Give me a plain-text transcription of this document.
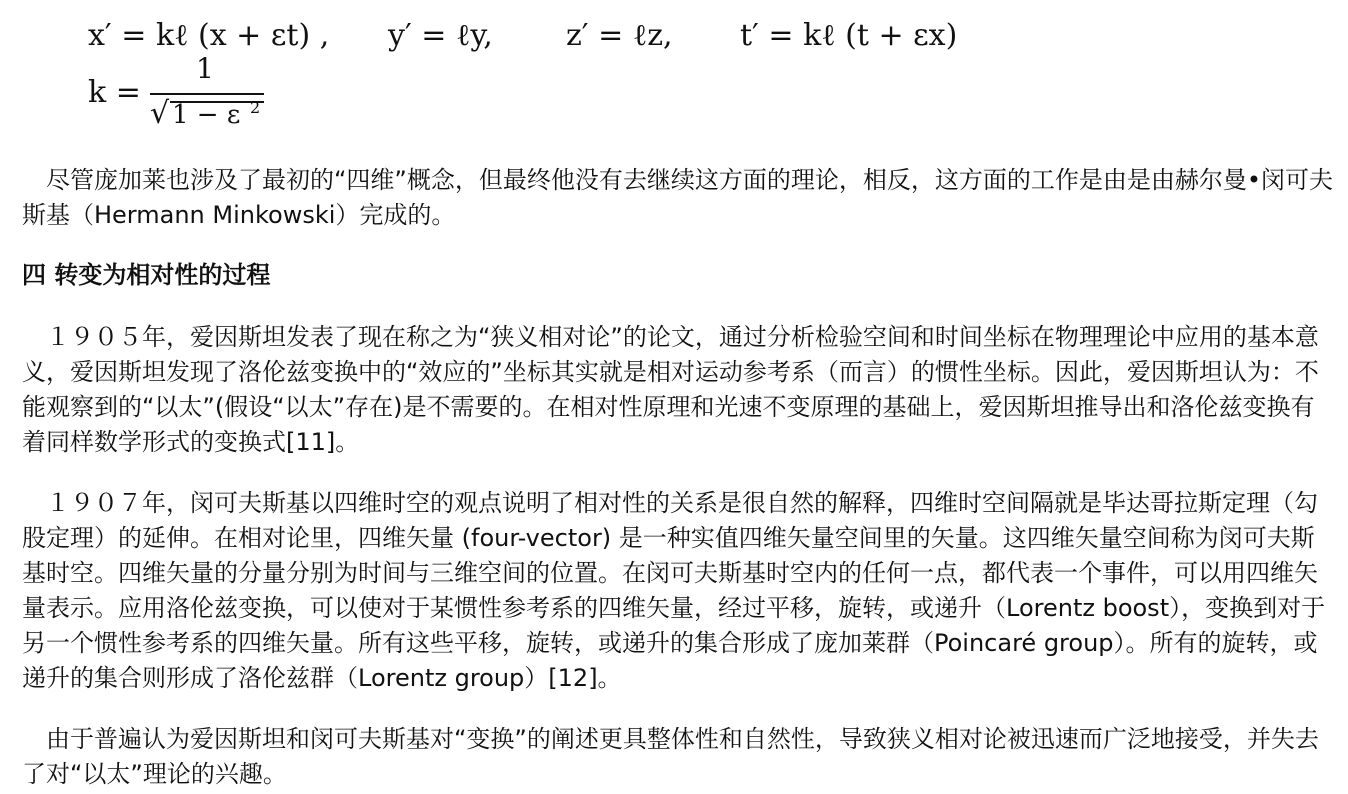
x′ = kℓ (x + εt) , y′ = ℓy, z′ = ℓz, t′ = kℓ (t + εx)
k =
1
√ 1 − ε 2
　尽管庞加莱也涉及了最初的“四维”概念，但最终他没有去继续这方面的理论，相反，这方面的工作是由是由赫尔曼•闵可夫斯基（Hermann Minkowski）完成的。
四 转变为相对性的过程
　１９０５年，爱因斯坦发表了现在称之为“狭义相对论”的论文，通过分析检验空间和时间坐标在物理理论中应用的基本意义，爱因斯坦发现了洛伦兹变换中的“效应的”坐标其实就是相对运动参考系（而言）的惯性坐标。因此，爱因斯坦认为：不能观察到的“以太”(假设“以太”存在)是不需要的。在相对性原理和光速不变原理的基础上，爱因斯坦推导出和洛伦兹变换有着同样数学形式的变换式[11]。
　１９０７年，闵可夫斯基以四维时空的观点说明了相对性的关系是很自然的解释，四维时空间隔就是毕达哥拉斯定理（勾股定理）的延伸。在相对论里，四维矢量 (four-vector) 是一种实值四维矢量空间里的矢量。这四维矢量空间称为闵可夫斯基时空。四维矢量的分量分别为时间与三维空间的位置。在闵可夫斯基时空内的任何一点，都代表一个事件，可以用四维矢量表示。应用洛伦兹变换，可以使对于某惯性参考系的四维矢量，经过平移，旋转，或递升（Lorentz boost），变换到对于另一个惯性参考系的四维矢量。所有这些平移，旋转，或递升的集合形成了庞加莱群（Poincaré group）。所有的旋转，或递升的集合则形成了洛伦兹群（Lorentz group）[12]。
　由于普遍认为爱因斯坦和闵可夫斯基对“变换”的阐述更具整体性和自然性，导致狭义相对论被迅速而广泛地接受，并失去了对“以太”理论的兴趣。
